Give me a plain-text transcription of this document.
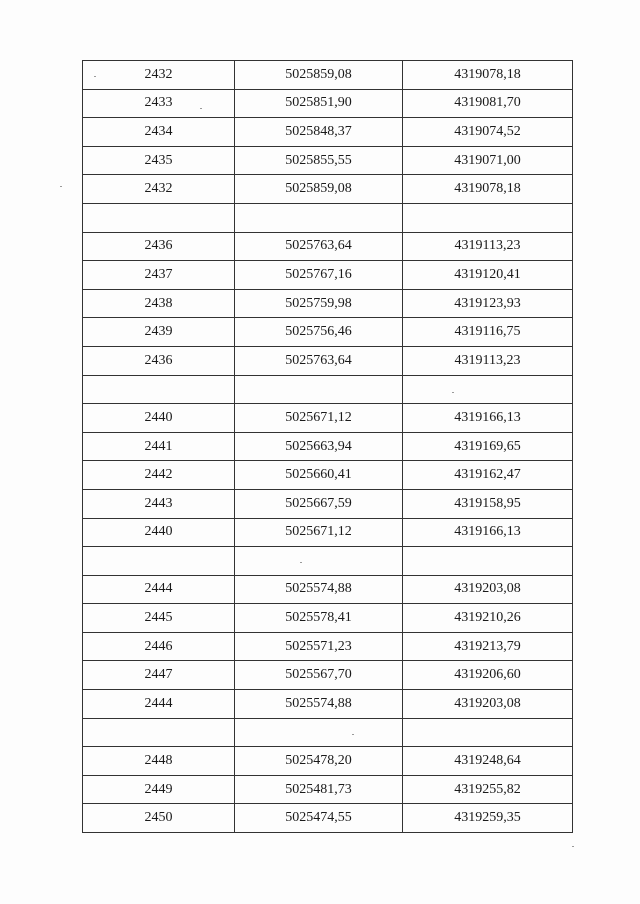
2432	5025859,08	4319078,18
2433	5025851,90	4319081,70
2434	5025848,37	4319074,52
2435	5025855,55	4319071,00
2432	5025859,08	4319078,18

2436	5025763,64	4319113,23
2437	5025767,16	4319120,41
2438	5025759,98	4319123,93
2439	5025756,46	4319116,75
2436	5025763,64	4319113,23

2440	5025671,12	4319166,13
2441	5025663,94	4319169,65
2442	5025660,41	4319162,47
2443	5025667,59	4319158,95
2440	5025671,12	4319166,13

2444	5025574,88	4319203,08
2445	5025578,41	4319210,26
2446	5025571,23	4319213,79
2447	5025567,70	4319206,60
2444	5025574,88	4319203,08

2448	5025478,20	4319248,64
2449	5025481,73	4319255,82
2450	5025474,55	4319259,35
